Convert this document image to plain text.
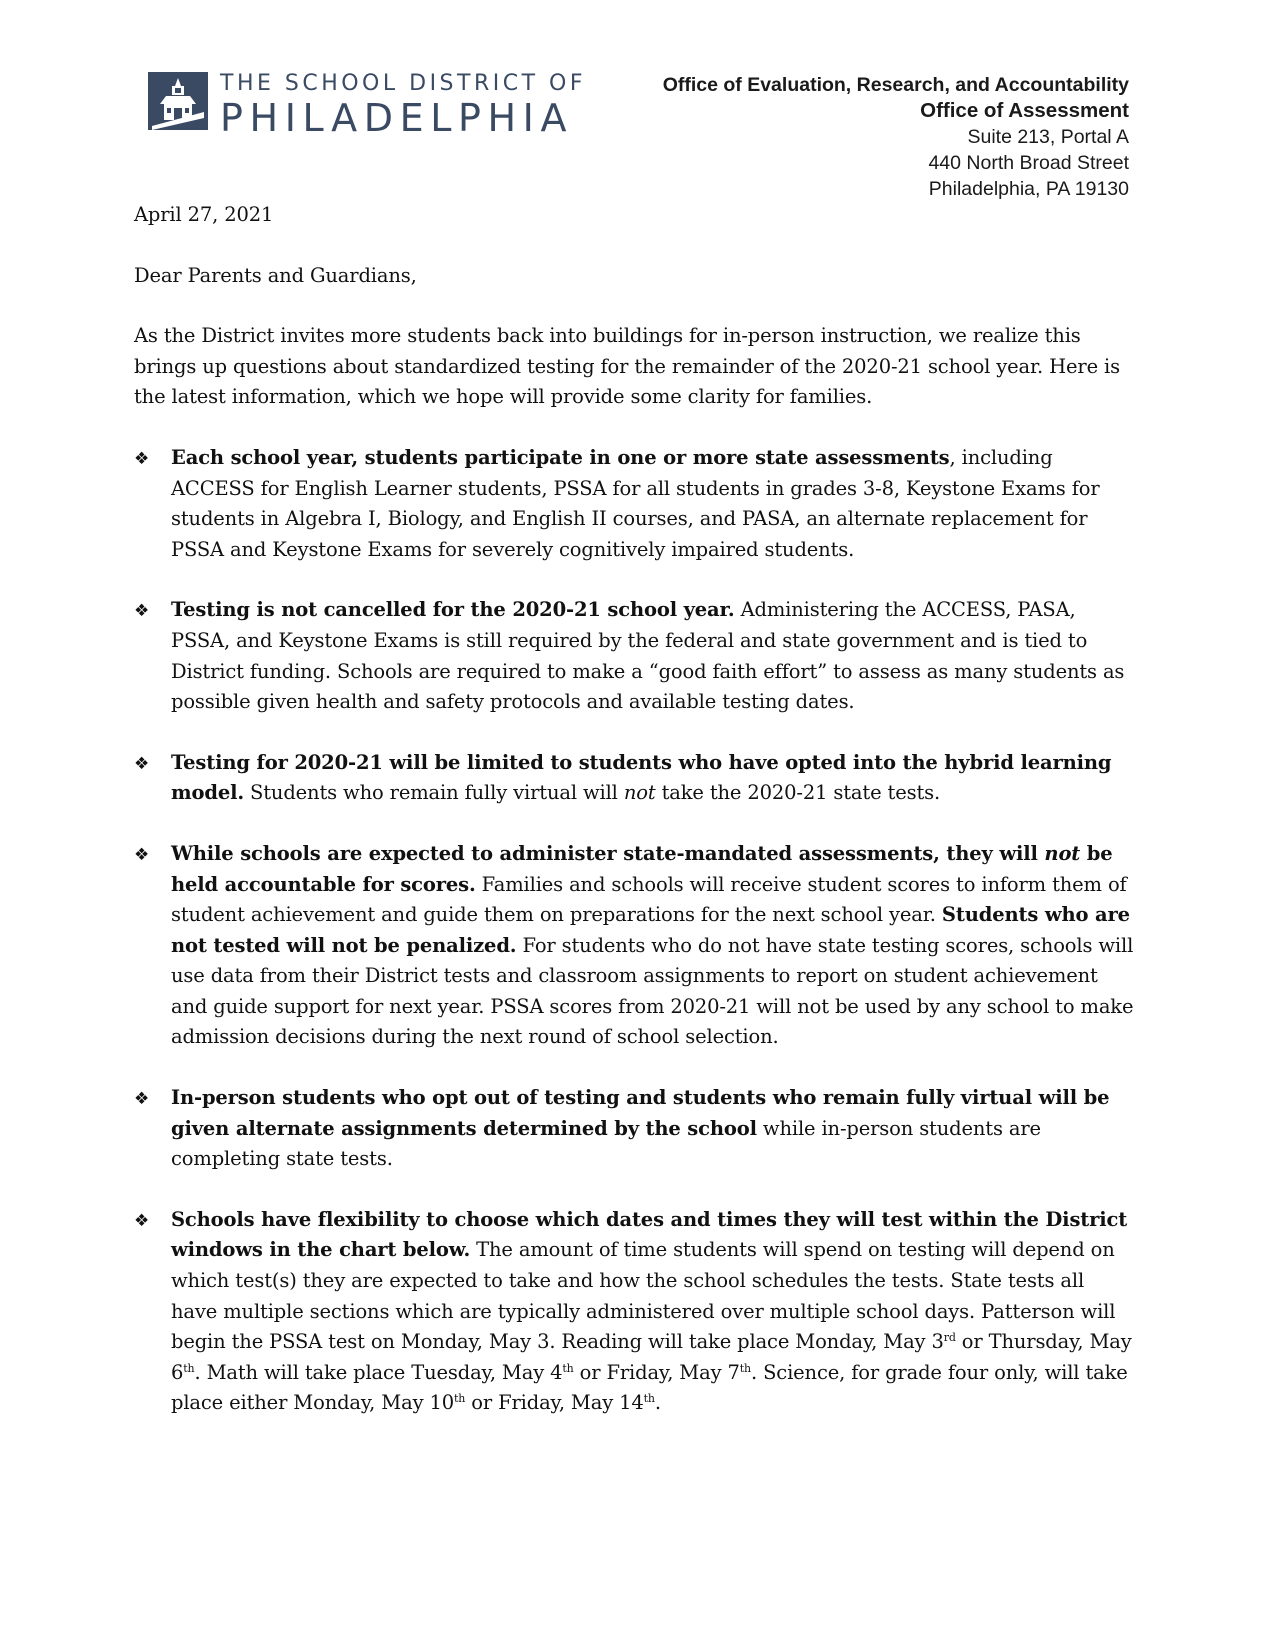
THE SCHOOL DISTRICT OF
PHILADELPHIA
Office of Evaluation, Research, and Accountability
Office of Assessment
Suite 213, Portal A
440 North Broad Street
Philadelphia, PA 19130

April 27, 2021

Dear Parents and Guardians,

As the District invites more students back into buildings for in-person instruction, we realize this brings up questions about standardized testing for the remainder of the 2020-21 school year. Here is the latest information, which we hope will provide some clarity for families.

❖ Each school year, students participate in one or more state assessments, including ACCESS for English Learner students, PSSA for all students in grades 3-8, Keystone Exams for students in Algebra I, Biology, and English II courses, and PASA, an alternate replacement for PSSA and Keystone Exams for severely cognitively impaired students.
❖ Testing is not cancelled for the 2020-21 school year. Administering the ACCESS, PASA, PSSA, and Keystone Exams is still required by the federal and state government and is tied to District funding. Schools are required to make a “good faith effort” to assess as many students as possible given health and safety protocols and available testing dates.
❖ Testing for 2020-21 will be limited to students who have opted into the hybrid learning model. Students who remain fully virtual will not take the 2020-21 state tests.
❖ While schools are expected to administer state-mandated assessments, they will not be held accountable for scores. Families and schools will receive student scores to inform them of student achievement and guide them on preparations for the next school year. Students who are not tested will not be penalized. For students who do not have state testing scores, schools will use data from their District tests and classroom assignments to report on student achievement and guide support for next year. PSSA scores from 2020-21 will not be used by any school to make admission decisions during the next round of school selection.
❖ In-person students who opt out of testing and students who remain fully virtual will be given alternate assignments determined by the school while in-person students are completing state tests.
❖ Schools have flexibility to choose which dates and times they will test within the District windows in the chart below. The amount of time students will spend on testing will depend on which test(s) they are expected to take and how the school schedules the tests. State tests all have multiple sections which are typically administered over multiple school days. Patterson will begin the PSSA test on Monday, May 3. Reading will take place Monday, May 3rd or Thursday, May 6th. Math will take place Tuesday, May 4th or Friday, May 7th. Science, for grade four only, will take place either Monday, May 10th or Friday, May 14th.
